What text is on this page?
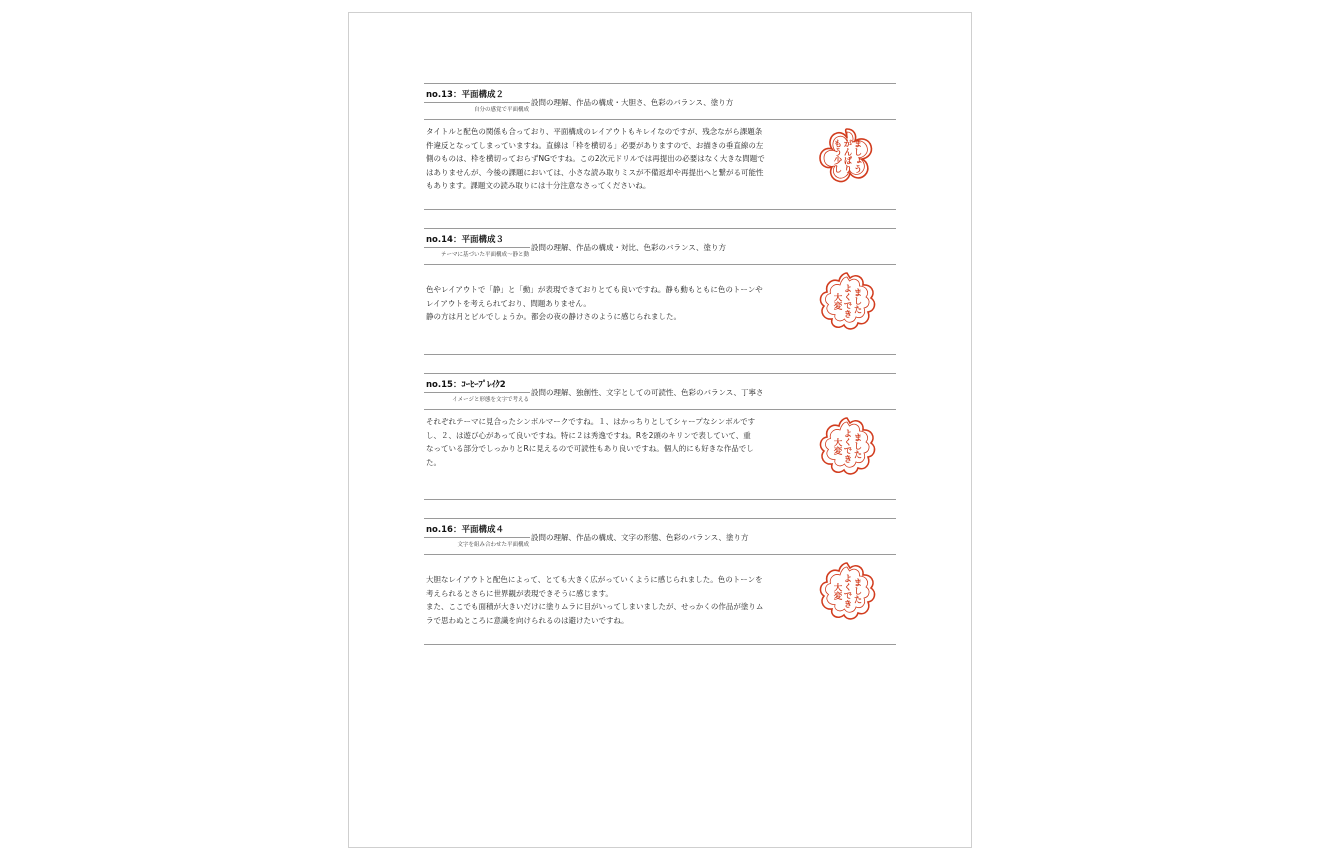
no.13：平面構成２
自分の感覚で平面構成
設問の理解、作品の構成・大胆さ、色彩のバランス、塗り方
タイトルと配色の関係も合っており、平面構成のレイアウトもキレイなのですが、残念ながら課題条
件違反となってしまっていますね。直線は「枠を横切る」必要がありますので、お描きの垂直線の左
側のものは、枠を横切っておらずNGですね。この2次元ドリルでは再提出の必要はなく大きな問題で
はありませんが、今後の課題においては、小さな読み取りミスが不備返却や再提出へと繋がる可能性
もあります。課題文の読み取りには十分注意なさってくださいね。
もう少し がんばり ましょう
no.14：平面構成３
テーマに基づいた平面構成〜静と動
設問の理解、作品の構成・対比、色彩のバランス、塗り方
色やレイアウトで「静」と「動」が表現できておりとても良いですね。静も動もともに色のトーンや
レイアウトを考えられており、問題ありません。
静の方は月とビルでしょうか。都会の夜の静けさのように感じられました。
大変 よくでき ました
no.15：ｺｰﾋｰﾌﾟﾚｲｸ2
イメージと形態を文字で考える
設問の理解、独創性、文字としての可読性、色彩のバランス、丁寧さ
それぞれテーマに見合ったシンボルマークですね。１、はかっちりとしてシャープなシンボルです
し、２、は遊び心があって良いですね。特に２は秀逸ですね。Rを2頭のキリンで表していて、重
なっている部分でしっかりとRに見えるので可読性もあり良いですね。個人的にも好きな作品でし
た。
大変 よくでき ました
no.16：平面構成４
文字を組み合わせた平面構成
設問の理解、作品の構成、文字の形態、色彩のバランス、塗り方
大胆なレイアウトと配色によって、とても大きく広がっていくように感じられました。色のトーンを
考えられるとさらに世界観が表現できそうに感じます。
また、ここでも面積が大きいだけに塗りムラに目がいってしまいましたが、せっかくの作品が塗りム
ラで思わぬところに意識を向けられるのは避けたいですね。
大変 よくでき ました
